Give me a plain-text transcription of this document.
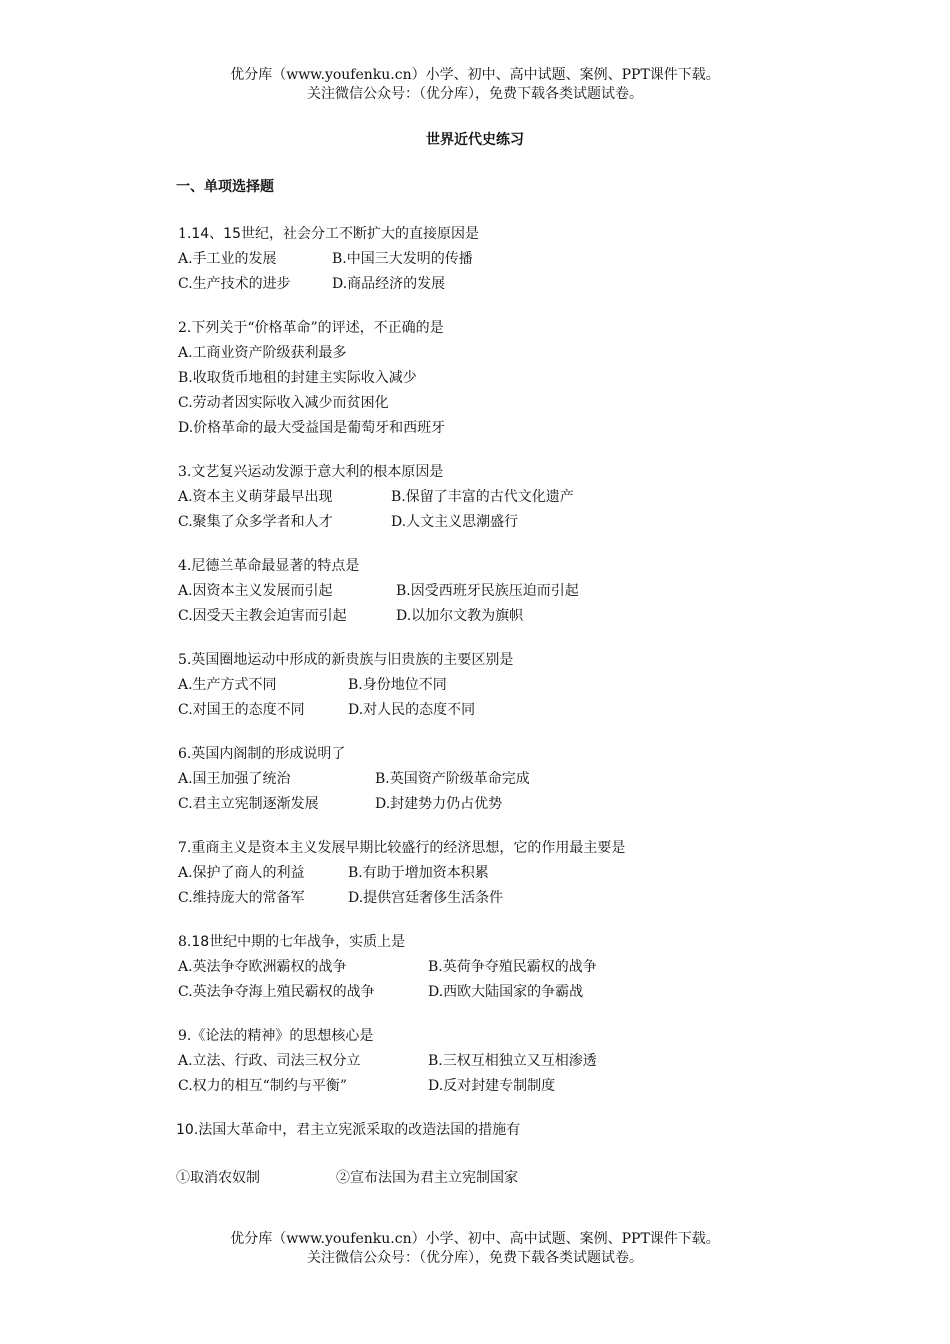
优分库（www.youfenku.cn）小学、初中、高中试题、案例、PPT课件下载。
关注微信公众号：（优分库），免费下载各类试题试卷。
世界近代史练习
一、单项选择题
1.14、15世纪，社会分工不断扩大的直接原因是
A.手工业的发展	B.中国三大发明的传播
C.生产技术的进步	D.商品经济的发展
2.下列关于“价格革命”的评述，不正确的是
A.工商业资产阶级获利最多
B.收取货币地租的封建主实际收入减少
C.劳动者因实际收入减少而贫困化
D.价格革命的最大受益国是葡萄牙和西班牙
3.文艺复兴运动发源于意大利的根本原因是
A.资本主义萌芽最早出现	B.保留了丰富的古代文化遗产
C.聚集了众多学者和人才	D.人文主义思潮盛行
4.尼德兰革命最显著的特点是
A.因资本主义发展而引起	B.因受西班牙民族压迫而引起
C.因受天主教会迫害而引起	D.以加尔文教为旗帜
5.英国圈地运动中形成的新贵族与旧贵族的主要区别是
A.生产方式不同	B.身份地位不同
C.对国王的态度不同	D.对人民的态度不同
6.英国内阁制的形成说明了
A.国王加强了统治	B.英国资产阶级革命完成
C.君主立宪制逐渐发展	D.封建势力仍占优势
7.重商主义是资本主义发展早期比较盛行的经济思想，它的作用最主要是
A.保护了商人的利益	B.有助于增加资本积累
C.维持庞大的常备军	D.提供宫廷奢侈生活条件
8.18世纪中期的七年战争，实质上是
A.英法争夺欧洲霸权的战争	B.英荷争夺殖民霸权的战争
C.英法争夺海上殖民霸权的战争	D.西欧大陆国家的争霸战
9.《论法的精神》的思想核心是
A.立法、行政、司法三权分立	B.三权互相独立又互相渗透
C.权力的相互“制约与平衡”	D.反对封建专制制度
10.法国大革命中，君主立宪派采取的改造法国的措施有
①取消农奴制	②宣布法国为君主立宪制国家
优分库（www.youfenku.cn）小学、初中、高中试题、案例、PPT课件下载。
关注微信公众号：（优分库），免费下载各类试题试卷。
